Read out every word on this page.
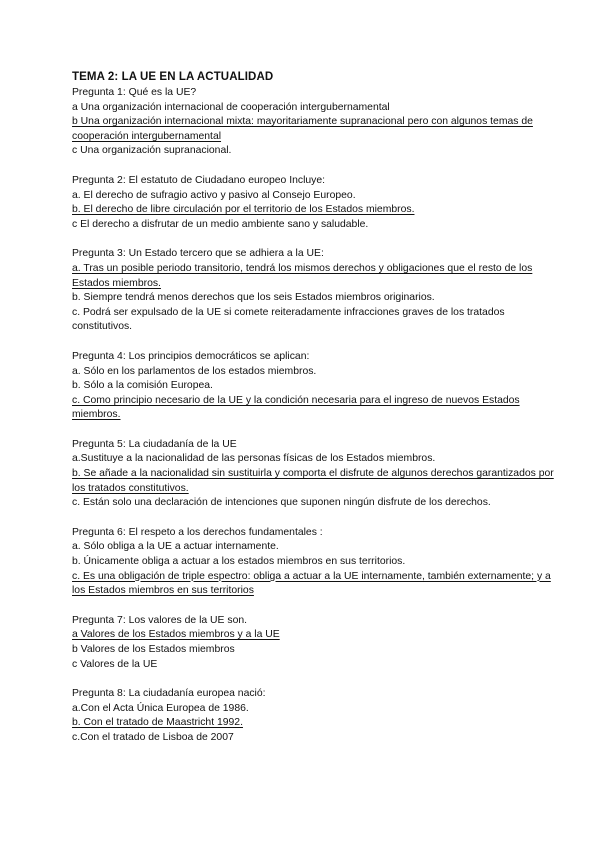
TEMA 2: LA UE EN LA ACTUALIDAD

Pregunta 1: Qué es la UE?

a Una organización internacional de cooperación intergubernamental

b Una organización internacional mixta: mayoritariamente supranacional pero con algunos temas de cooperación intergubernamental

c Una organización supranacional.

Pregunta 2: El estatuto de Ciudadano europeo Incluye:

a. El derecho de sufragio activo y pasivo al Consejo Europeo.

b. El derecho de libre circulación por el territorio de los Estados miembros.

c El derecho a disfrutar de un medio ambiente sano y saludable.

Pregunta 3: Un Estado tercero que se adhiera a la UE:

a. Tras un posible periodo transitorio, tendrá los mismos derechos y obligaciones que el resto de los Estados miembros.

b. Siempre tendrá menos derechos que los seis Estados miembros originarios.

c. Podrá ser expulsado de la UE si comete reiteradamente infracciones graves de los tratados constitutivos.

Pregunta 4: Los principios democráticos se aplican:

a. Sólo en los parlamentos de los estados miembros.

b. Sólo a la comisión Europea.

c. Como principio necesario de la UE y la condición necesaria para el ingreso de nuevos Estados miembros.

Pregunta 5: La ciudadanía de la UE

a.Sustituye a la nacionalidad de las personas físicas de los Estados miembros.

b. Se añade a la nacionalidad sin sustituirla y comporta el disfrute de algunos derechos garantizados por los tratados constitutivos.

c. Están solo una declaración de intenciones que suponen ningún disfrute de los derechos.

Pregunta 6: El respeto a los derechos fundamentales :

a. Sólo obliga a la UE a actuar internamente.

b. Únicamente obliga a actuar a los estados miembros en sus territorios.

c. Es una obligación de triple espectro: obliga a actuar a la UE internamente, también externamente; y a los Estados miembros en sus territorios

Pregunta 7: Los valores de la UE son.

a Valores de los Estados miembros y a la UE

b Valores de los Estados miembros

c Valores de la UE

Pregunta 8: La ciudadanía europea nació:

a.Con el Acta Única Europea de 1986.

b. Con el tratado de Maastricht 1992.

c.Con el tratado de Lisboa de 2007
